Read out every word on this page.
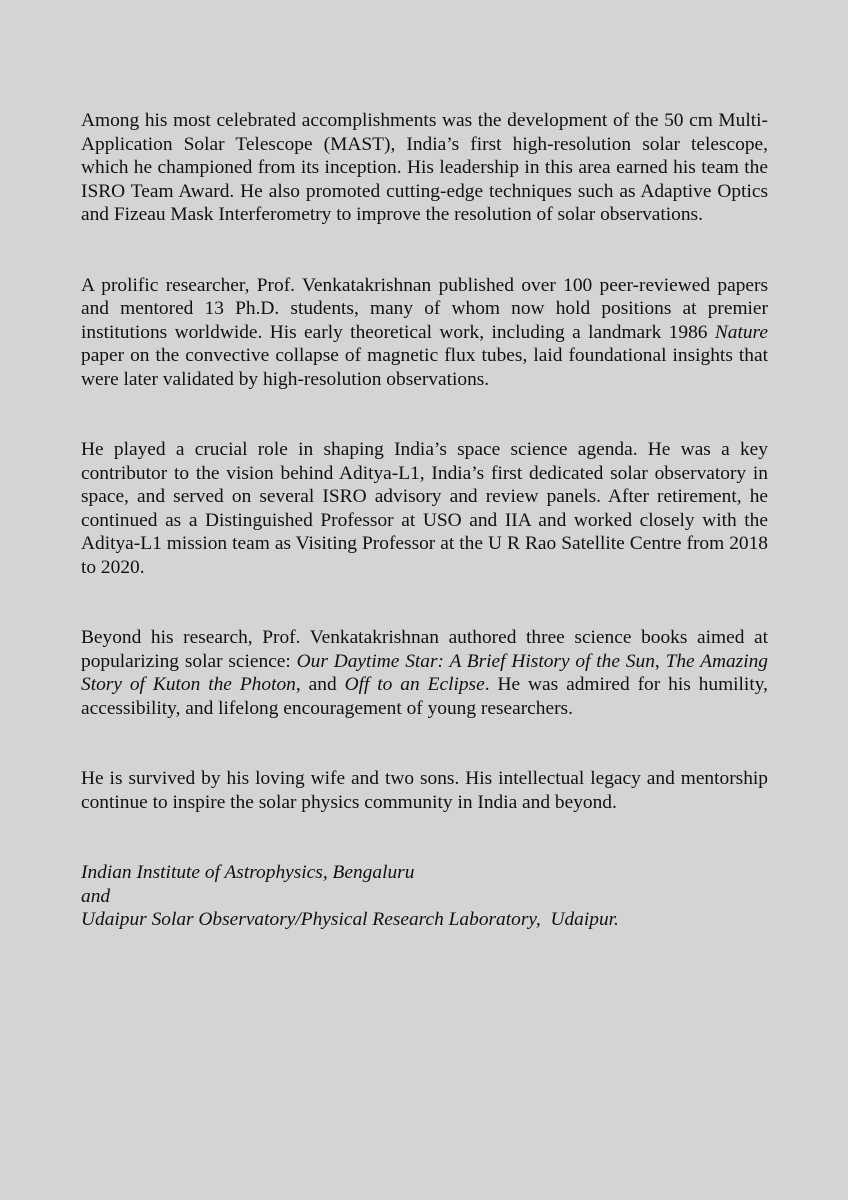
Among his most celebrated accomplishments was the development of the 50 cm Multi-Application Solar Telescope (MAST), India’s first high-resolution solar telescope, which he championed from its inception. His leadership in this area earned his team the ISRO Team Award. He also promoted cutting-edge techniques such as Adaptive Optics and Fizeau Mask Interferometry to improve the resolution of solar observations.

A prolific researcher, Prof. Venkatakrishnan published over 100 peer-reviewed papers and mentored 13 Ph.D. students, many of whom now hold positions at premier institutions worldwide. His early theoretical work, including a landmark 1986 Nature paper on the convective collapse of magnetic flux tubes, laid foundational insights that were later validated by high-resolution observations.

He played a crucial role in shaping India’s space science agenda. He was a key contributor to the vision behind Aditya-L1, India’s first dedicated solar observatory in space, and served on several ISRO advisory and review panels. After retirement, he continued as a Distinguished Professor at USO and IIA and worked closely with the Aditya-L1 mission team as Visiting Professor at the U R Rao Satellite Centre from 2018 to 2020.

Beyond his research, Prof. Venkatakrishnan authored three science books aimed at popularizing solar science: Our Daytime Star: A Brief History of the Sun, The Amazing Story of Kuton the Photon, and Off to an Eclipse. He was admired for his humility, accessibility, and lifelong encouragement of young researchers.

He is survived by his loving wife and two sons. His intellectual legacy and mentorship continue to inspire the solar physics community in India and beyond.

Indian Institute of Astrophysics, Bengaluru
and
Udaipur Solar Observatory/Physical Research Laboratory,  Udaipur.
